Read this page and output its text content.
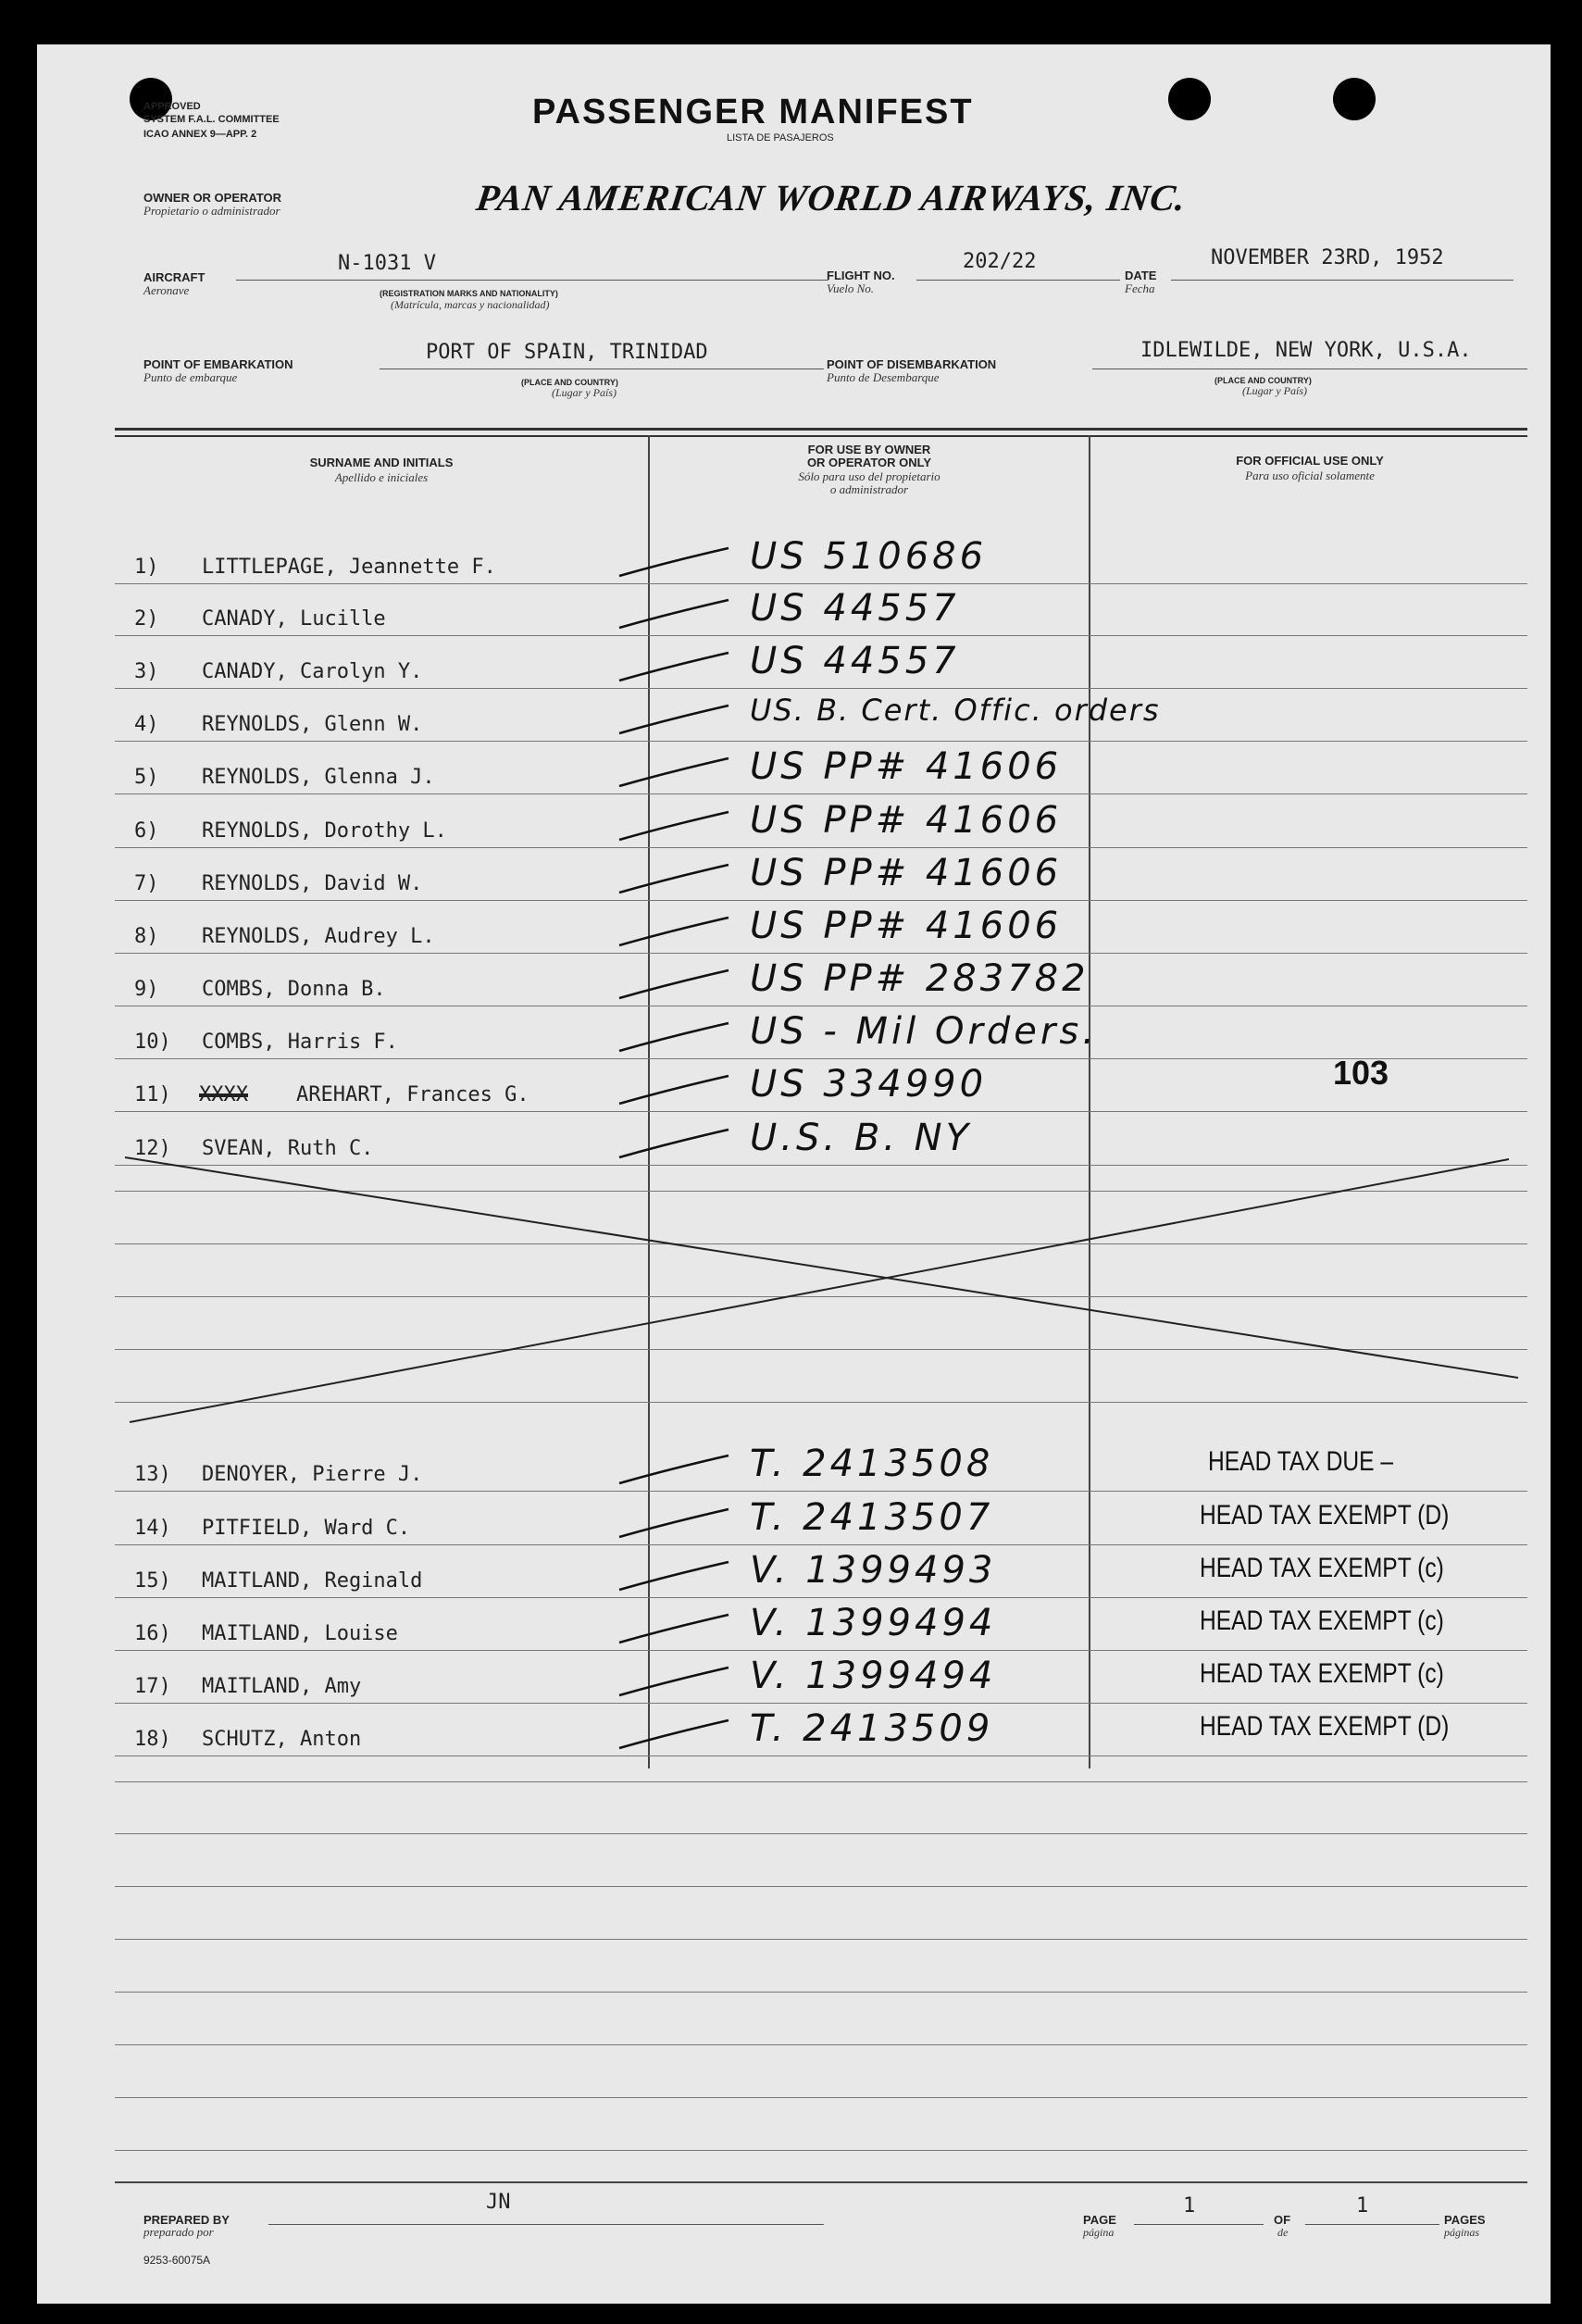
APPROVED
SYSTEM F.A.L. COMMITTEE
ICAO ANNEX 9—APP. 2
PASSENGER MANIFEST
LISTA DE PASAJEROS
OWNER OR OPERATOR
Propietario o administrador	PAN AMERICAN WORLD AIRWAYS, INC.
AIRCRAFT
Aeronave
N-1031 V
(REGISTRATION MARKS AND NATIONALITY)
(Matrícula, marcas y nacionalidad)
FLIGHT NO.
Vuelo No.
202/22
DATE
Fecha
NOVEMBER 23RD, 1952
POINT OF EMBARKATION
Punto de embarque
PORT OF SPAIN, TRINIDAD
(PLACE AND COUNTRY)
(Lugar y País)
POINT OF DISEMBARKATION
Punto de Desembarque
IDLEWILDE, NEW YORK, U.S.A.
(PLACE AND COUNTRY)
(Lugar y País)
SURNAME AND INITIALS
Apellido e iniciales
FOR USE BY OWNER
OR OPERATOR ONLY
Sólo para uso del propietario
o administrador
FOR OFFICIAL USE ONLY
Para uso oficial solamente
1) LITTLEPAGE, Jeannette F.	US 510686
2) CANADY, Lucille	US 44557
3) CANADY, Carolyn Y.	US 44557
4) REYNOLDS, Glenn W.	US. B. Cert. Offic. orders
5) REYNOLDS, Glenna J.	US PP# 41606
6) REYNOLDS, Dorothy L.	US PP# 41606
7) REYNOLDS, David W.	US PP# 41606
8) REYNOLDS, Audrey L.	US PP# 41606
9) COMBS, Donna B.	US PP# 283782
10) COMBS, Harris F.	US - Mil Orders.
11) XXXX AREHART, Frances G.	US 334990
12) SVEAN, Ruth C.	U.S. B. NY
13) DENOYER, Pierre J.	T. 2413508	HEAD TAX DUE –
14) PITFIELD, Ward C.	T. 2413507	HEAD TAX EXEMPT (D)
15) MAITLAND, Reginald	V. 1399493	HEAD TAX EXEMPT (c)
16) MAITLAND, Louise	V. 1399494	HEAD TAX EXEMPT (c)
17) MAITLAND, Amy	V. 1399494	HEAD TAX EXEMPT (c)
18) SCHUTZ, Anton	T. 2413509	HEAD TAX EXEMPT (D)
103
JN
PREPARED BY
preparado por
9253-60075A
PAGE
página
1
OF
de
1
PAGES
páginas
